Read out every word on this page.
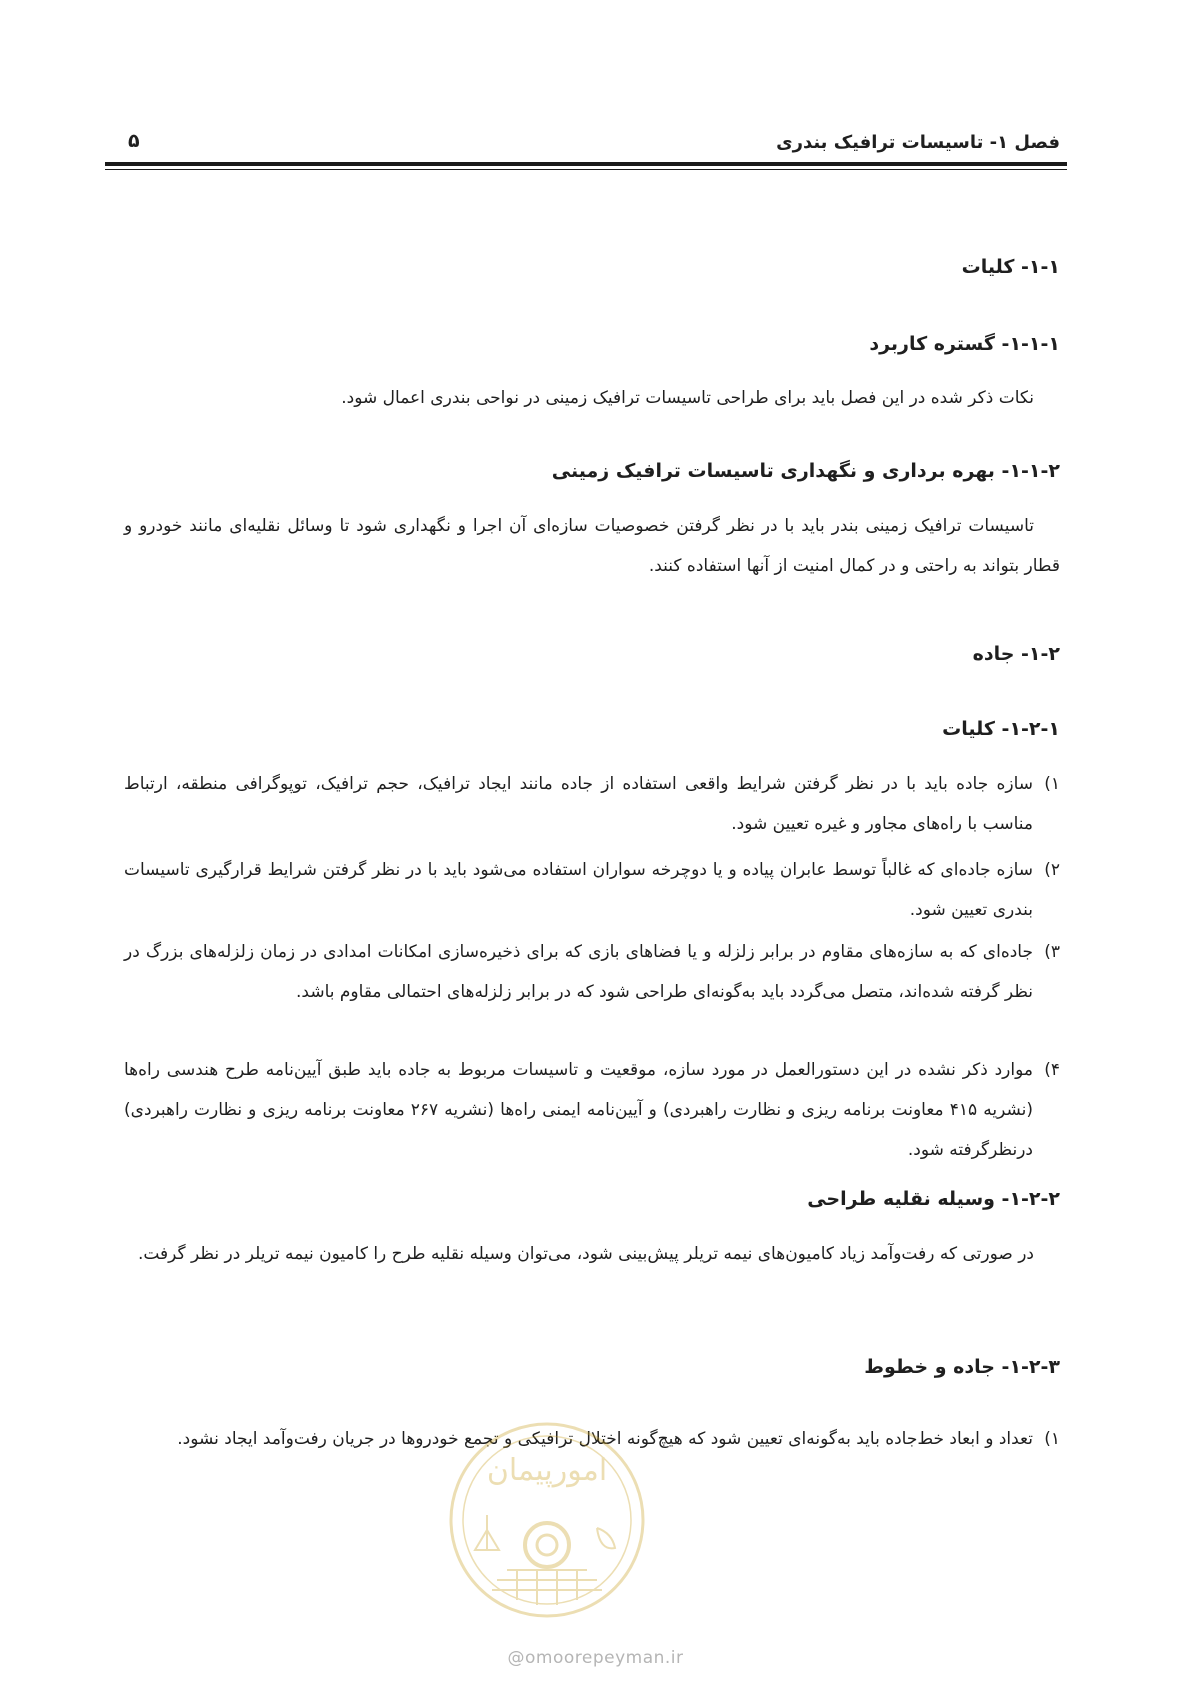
فصل ۱- تاسیسات ترافیک بندری
۵
۱-۱- کلیات
۱-۱-۱- گستره کاربرد
نکات ذکر شده در این فصل باید برای طراحی تاسیسات ترافیک زمینی در نواحی بندری اعمال شود.
۱-۱-۲- بهره برداری و نگهداری تاسیسات ترافیک زمینی
تاسیسات ترافیک زمینی بندر باید با در نظر گرفتن خصوصیات سازه‌ای آن اجرا و نگهداری شود تا وسائل نقلیه‌ای مانند خودرو و قطار بتواند به راحتی و در کمال امنیت از آنها استفاده کنند.
۱-۲- جاده
۱-۲-۱- کلیات
۱)
سازه جاده باید با در نظر گرفتن شرایط واقعی استفاده از جاده مانند ایجاد ترافیک، حجم ترافیک، توپوگرافی منطقه، ارتباط مناسب با راه‌های مجاور و غیره تعیین شود.
۲)
سازه جاده‌ای که غالباً توسط عابران پیاده و یا دوچرخه سواران استفاده می‌شود باید با در نظر گرفتن شرایط قرارگیری تاسیسات بندری تعیین شود.
۳)
جاده‌ای که به سازه‌های مقاوم در برابر زلزله و یا فضاهای بازی که برای ذخیره‌سازی امکانات امدادی در زمان زلزله‌های بزرگ در نظر گرفته شده‌اند، متصل می‌گردد باید به‌گونه‌ای طراحی شود که در برابر زلزله‌های احتمالی مقاوم باشد.
۴)
موارد ذکر نشده در این دستورالعمل در مورد سازه، موقعیت و تاسیسات مربوط به جاده باید طبق آیین‌نامه طرح هندسی راه‌ها (نشریه ۴۱۵ معاونت برنامه ریزی و نظارت راهبردی) و آیین‌نامه ایمنی راه‌ها (نشریه ۲۶۷ معاونت برنامه ریزی و نظارت راهبردی) درنظرگرفته شود.
۱-۲-۲- وسیله نقلیه طراحی
در صورتی که رفت‌وآمد زیاد کامیون‌های نیمه تریلر پیش‌بینی شود، می‌توان وسیله نقلیه طرح را کامیون نیمه تریلر در نظر گرفت.
۱-۲-۳- جاده و خطوط
۱)
تعداد و ابعاد خط‌جاده باید به‌گونه‌ای تعیین شود که هیچ‌گونه اختلال ترافیکی و تجمع خودروها در جریان رفت‌وآمد ایجاد نشود.
امورپیمان
@omoorepeyman.ir
